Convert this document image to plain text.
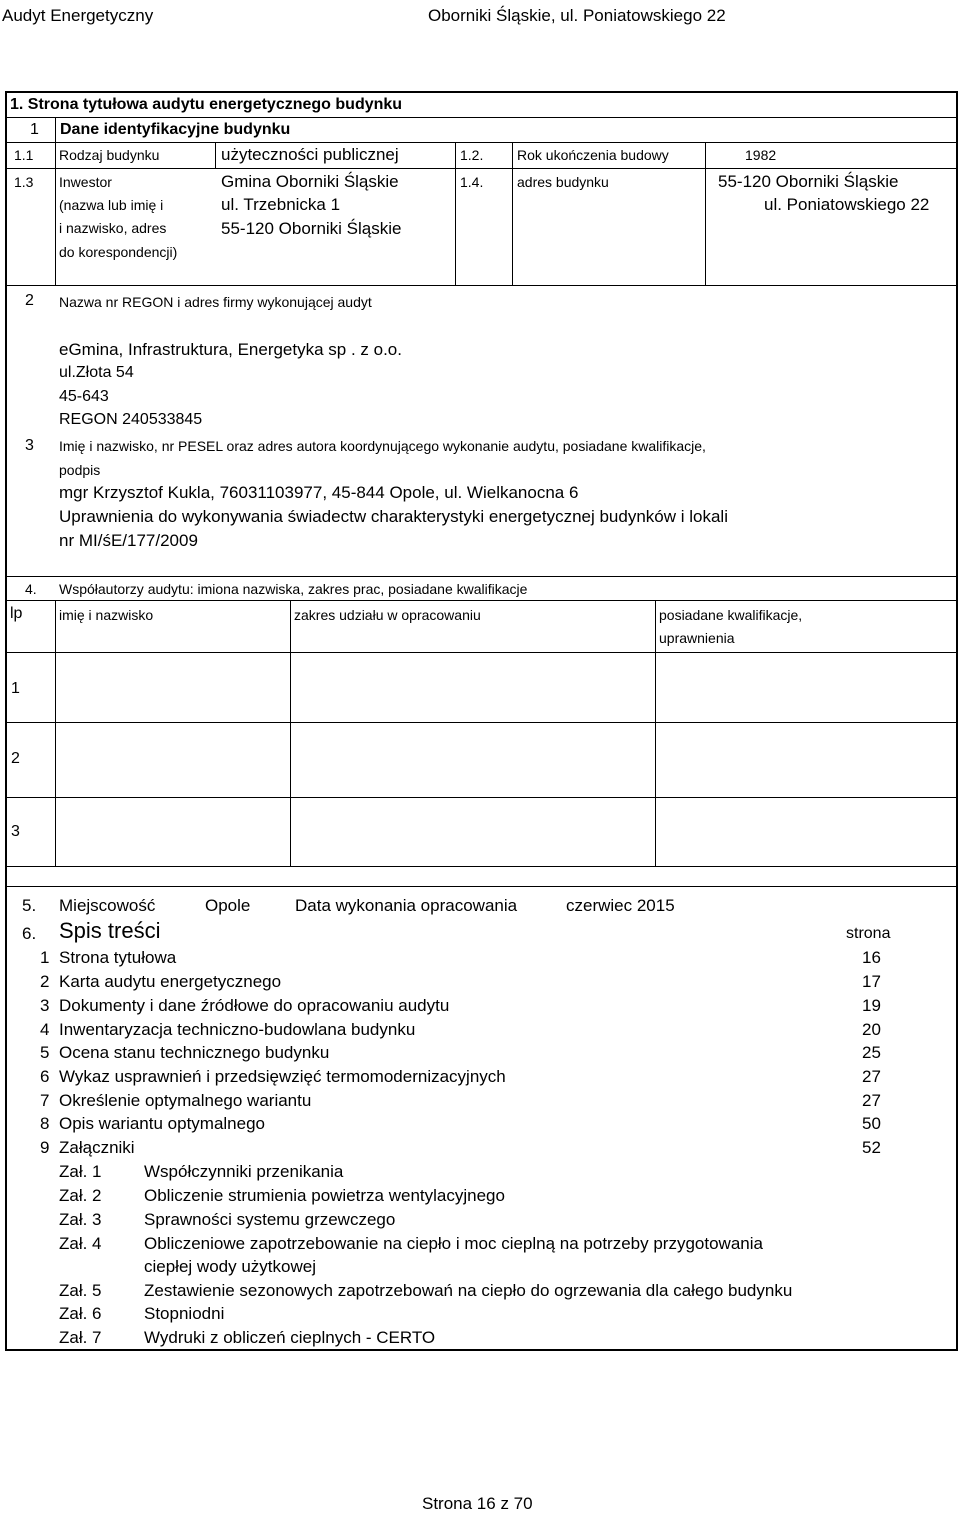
Audyt Energetyczny	Oborniki Śląskie, ul. Poniatowskiego 22
1. Strona tytułowa audytu energetycznego budynku
1 Dane identyfikacyjne budynku
1.1 Rodzaj budynku	użyteczności publicznej	1.2. Rok ukończenia budowy	1982
1.3 Inwestor
(nazwa lub imię i
i nazwisko, adres
do korespondencji)
Gmina Oborniki Śląskie
ul. Trzebnicka 1
55-120 Oborniki Śląskie
1.4. adres budynku	55-120 Oborniki Śląskie
ul. Poniatowskiego 22
2 Nazwa nr REGON i adres firmy wykonującej audyt
eGmina, Infrastruktura, Energetyka sp . z o.o.
ul.Złota 54
45-643
REGON 240533845
3 Imię i nazwisko, nr PESEL oraz adres autora koordynującego wykonanie audytu, posiadane kwalifikacje,
podpis
mgr Krzysztof Kukla, 76031103977, 45-844 Opole, ul. Wielkanocna 6
Uprawnienia do wykonywania świadectw charakterystyki energetycznej budynków i lokali
nr MI/śE/177/2009
4. Współautorzy audytu: imiona nazwiska, zakres prac, posiadane kwalifikacje
lp	imię i nazwisko	zakres udziału w opracowaniu	posiadane kwalifikacje,
uprawnienia
1
2
3
5. Miejscowość	Opole	Data wykonania opracowania	czerwiec 2015
6. Spis treści	strona
1 Strona tytułowa	16
2 Karta audytu energetycznego	17
3 Dokumenty i dane źródłowe do opracowaniu audytu	19
4 Inwentaryzacja techniczno-budowlana budynku	20
5 Ocena stanu technicznego budynku	25
6 Wykaz usprawnień i przedsięwzięć termomodernizacyjnych	27
7 Określenie optymalnego wariantu	27
8 Opis wariantu optymalnego	50
9 Załączniki	52
Zał. 1 Współczynniki przenikania
Zał. 2 Obliczenie strumienia powietrza wentylacyjnego
Zał. 3 Sprawności systemu grzewczego
Zał. 4 Obliczeniowe zapotrzebowanie na ciepło i moc cieplną na potrzeby przygotowania
ciepłej wody użytkowej
Zał. 5 Zestawienie sezonowych zapotrzebowań na ciepło do ogrzewania dla całego budynku
Zał. 6 Stopniodni
Zał. 7 Wydruki z obliczeń cieplnych - CERTO
Strona 16 z 70
